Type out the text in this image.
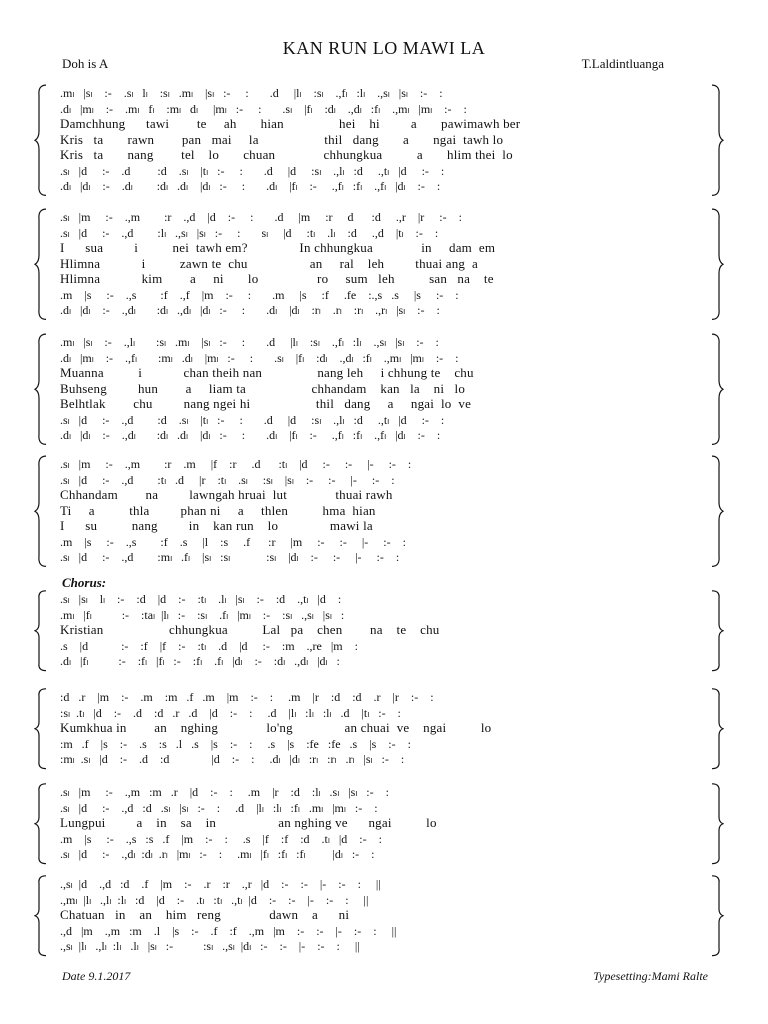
KAN RUN LO MAWI LA
Doh is A	T.Laldintluanga
Chorus:
.mₗ   |sₗ    :-    .sₗ   lₗ    :sₗ   .mₗ    |sₗ   :-     :       .d     |lₗ    :sₗ    .,fₗ   :lₗ    .,sₗ   |sₗ    :-    :
.dₗ   |mₗ    :-    .mₗ   fₗ    :mₗ   dₗ     |mₗ   :-     :       .sₗ    |fₗ    :dₗ    .,dₗ   :fₗ    .,mₗ   |mₗ    :-    :
Damchhung      tawi        te     ah       hian                hei    hi         a       pawimawh ber
Kris   ta       rawn        pan   mai     la                   thil   dang       a       ngai  tawh lo
Kris   ta       nang        tel    lo       chuan              chhungkua          a       hlim thei  lo
.sₗ   |d     :-    .d         :d    .sₗ    |tₗ   :-     :       .d     |d     :sₗ    .,lₗ   :d     .,tₗ   |d     :-    :
.dₗ   |dₗ    :-    .dₗ        :dₗ   .dₗ    |dₗ   :-     :       .dₗ    |fₗ    :-     .,fₗ   :fₗ    .,fₗ   |dₗ    :-    :
.sₗ   |m     :-    .,m        :r    .,d    |d    :-     :       .d     |m     :r     d      :d     .,r    |r     :-    :
.sₗ   |d     :-    .,d        :lₗ   .,sₗ   |sₗ   :-     :       sₗ     |d     :tₗ    .lₗ    :d     .,d    |tₗ    :-    :
I      sua         i          nei  tawh em?               In chhungkua              in     dam  em
Hlimna            i          zawn te  chu                  an     ral    leh         thuai ang  a
Hlimna            kim        a     ni       lo                 ro     sum   leh          san   na    te
.m    |s     :-    .,s        :f    .,f    |m    :-     :       .m     |s     :f     .fe    :.,s   .s     |s     :-    :
.dₗ   |dₗ    :-    .,dₗ       :dₗ   .,dₗ   |dₗ   :-     :       .dₗ    |dₗ    :rₗ    .rₗ    :rₗ    .,rₗ   |sₗ    :-    :
.mₗ   |sₗ    :-    .,lₗ       :sₗ   .mₗ    |sₗ   :-     :       .d     |lₗ    :sₗ    .,fₗ   :lₗ    .,sₗ   |sₗ    :-    :
.dₗ   |mₗ    :-    .,fₗ       :mₗ   .dₗ    |mₗ   :-     :       .sₗ    |fₗ    :dₗ    .,dₗ   :fₗ    .,mₗ   |mₗ    :-    :
Muanna          i            chan theih nan                nang leh     i chhung te    chu
Buhseng         hun        a     liam ta                   chhandam    kan   la    ni   lo
Belhtlak        chu         nang ngei hi                   thil   dang     a     ngai  lo  ve
.sₗ   |d     :-    .,d        :d    .sₗ    |tₗ   :-     :       .d     |d     :sₗ    .,lₗ   :d     .,tₗ   |d     :-    :
.dₗ   |dₗ    :-    .,dₗ       :dₗ   .dₗ    |dₗ   :-     :       .dₗ    |fₗ    :-     .,fₗ   :fₗ    .,fₗ   |dₗ    :-    :
.sₗ   |m     :-    .,m        :r    .m     |f    :r     .d      :tₗ    |d     :-     :-     |-     :-    :
.sₗ   |d     :-    .,d        :tₗ   .d     |r    :tₗ    .sₗ     :sₗ    |sₗ    :-     :-     |-     :-    :
Chhandam        na         lawngah hruai  lut              thuai rawh
Ti     a          thla         phan ni     a     thlen          hma  hian
I      su          nang         in    kan run    lo               mawi la
.m    |s     :-    .,s        :f    .s     |l    :s     .f      :r     |m     :-     :-     |-     :-    :
.sₗ   |d     :-    .,d        :mₗ   .fₗ    |sₗ   :sₗ            :sₗ    |dₗ    :-     :-     |-     :-    :
.sₗ   |sₗ    lₗ    :-    :d    |d    :-    :tₗ    .lₗ   |sₗ    :-    :d    .,tₗ   |d    :
.mₗ   |fₗ          :-    :taₗ  |lₗ   :-    :sₗ    .fₗ   |mₗ    :-    :sₗ   .,sₗ   |sₗ   :
Kristian                   chhungkua          Lal   pa    chen        na    te    chu
.s    |d           :-    :f    |f    :-    :tₗ    .d    |d     :-    :m    .,re   |m    :
.dₗ   |fₗ          :-    :fₗ   |fₗ   :-    :fₗ    .fₗ   |dₗ    :-    :dₗ   .,dₗ   |dₗ   :
:d   .r    |m    :-    .m    :m   .f   .m    |m    :-    :     .m    |r    :d    :d    .r    |r    :-    :
:sₗ  .tₗ   |d    :-    .d    :d   .r   .d    |d    :-    :     .d    |lₗ   :lₗ   :lₗ   .d    |tₗ   :-    :
Kumkhua in        an    nghing              lo'ng               an chuai  ve    ngai          lo
:m   .f    |s    :-    .s    :s   .l   .s    |s    :-    :     .s    |s    :fe   :fe   .s    |s    :-    :
:mₗ  .sₗ   |d    :-    .d    :d              |d    :-    :     .dₗ   |dₗ   :rₗ   :rₗ   .rₗ   |sₗ   :-    :
.sₗ   |m     :-    .,m   :m   .r    |d    :-    :     .m    |r    :d    :lₗ   .sₗ   |sₗ   :-    :
.sₗ   |d     :-    .,d   :d   .sₗ   |sₗ   :-    :     .d    |lₗ   :lₗ   :fₗ   .mₗ   |mₗ   :-    :
Lungpui         a    in    sa    in                  an nghing ve      ngai          lo
.m    |s     :-    .,s   :s   .f    |m    :-    :     .s    |f    :f    :d    .tₗ   |d    :-    :
.sₗ   |d     :-    .,dₗ  :dₗ  .rₗ   |mₗ   :-    :     .mₗ   |fₗ   :fₗ   :fₗ         |dₗ   :-    :
.,sₗ  |d    .,d   :d    .f    |m    :-    .r    :r    .,r   |d    :-    :-    |-    :-    :     ||
.,mₗ  |lₗ   .,lₗ  :lₗ   :d    |d    :-    .tₗ   :tₗ   .,tₗ  |d    :-    :-    |-    :-    :     ||
Chatuan   in    an    him   reng              dawn    a      ni
.,d   |m    .,m   :m    .l    |s    :-    .f    :f    .,m   |m    :-    :-    |-    :-    :     ||
.,sₗ  |lₗ   .,lₗ  :lₗ   .lₗ   |sₗ   :-          :sₗ   .,sₗ  |dₗ   :-    :-    |-    :-    :     ||
Date 9.1.2017	Typesetting:Mami Ralte
